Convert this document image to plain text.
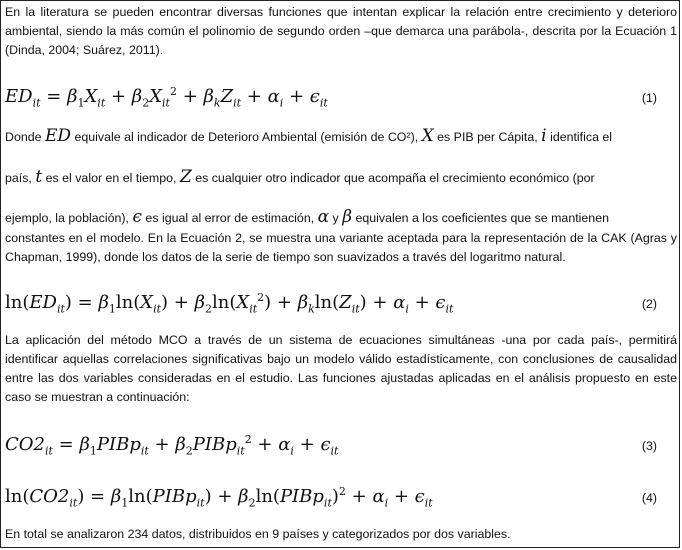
En la literatura se pueden encontrar diversas funciones que intentan explicar la relación entre crecimiento y deterioro ambiental, siendo la más común el polinomio de segundo orden –que demarca una parábola-, descrita por la Ecuación 1 (Dinda, 2004; Suárez, 2011).

$ED_{it} = \beta_1X_{it} + \beta_2X_{it}^2 + \beta_kZ_{it} + \alpha_i + \epsilon_{it}$	(1)
Donde ED equivale al indicador de Deterioro Ambiental (emisión de CO²), X es PIB per Cápita, i identifica el
país, t es el valor en el tiempo, Z es cualquier otro indicador que acompaña el crecimiento económico (por
ejemplo, la población), ϵ es igual al error de estimación, α y β equivalen a los coeficientes que se mantienen

constantes en el modelo. En la Ecuación 2, se muestra una variante aceptada para la representación de la CAK (Agras y Chapman, 1999), donde los datos de la serie de tiempo son suavizados a través del logaritmo natural.

$\ln(ED_{it}) = \beta_1\ln(X_{it}) + \beta_2\ln(X_{it}^2) + \beta_k\ln(Z_{it}) + \alpha_i + \epsilon_{it}$	(2)

La aplicación del método MCO a través de un sistema de ecuaciones simultáneas -una por cada país-, permitirá identificar aquellas correlaciones significativas bajo un modelo válido estadísticamente, con conclusiones de causalidad entre las dos variables consideradas en el estudio. Las funciones ajustadas aplicadas en el análisis propuesto en este caso se muestran a continuación:

$CO2_{it}$ = $\beta_1PIBp_{it}$ + $\beta_2PIBp_{it}^2 + \alpha_i + \epsilon_{it}$	(3)
$\ln(CO2_{it})$ = $\beta_1\ln(PIBp_{it})$ + $\beta_2\ln(PIBp_{it})^2 + \alpha_i + \epsilon_{it}$	(4)

En total se analizaron 234 datos, distribuidos en 9 países y categorizados por dos variables.
